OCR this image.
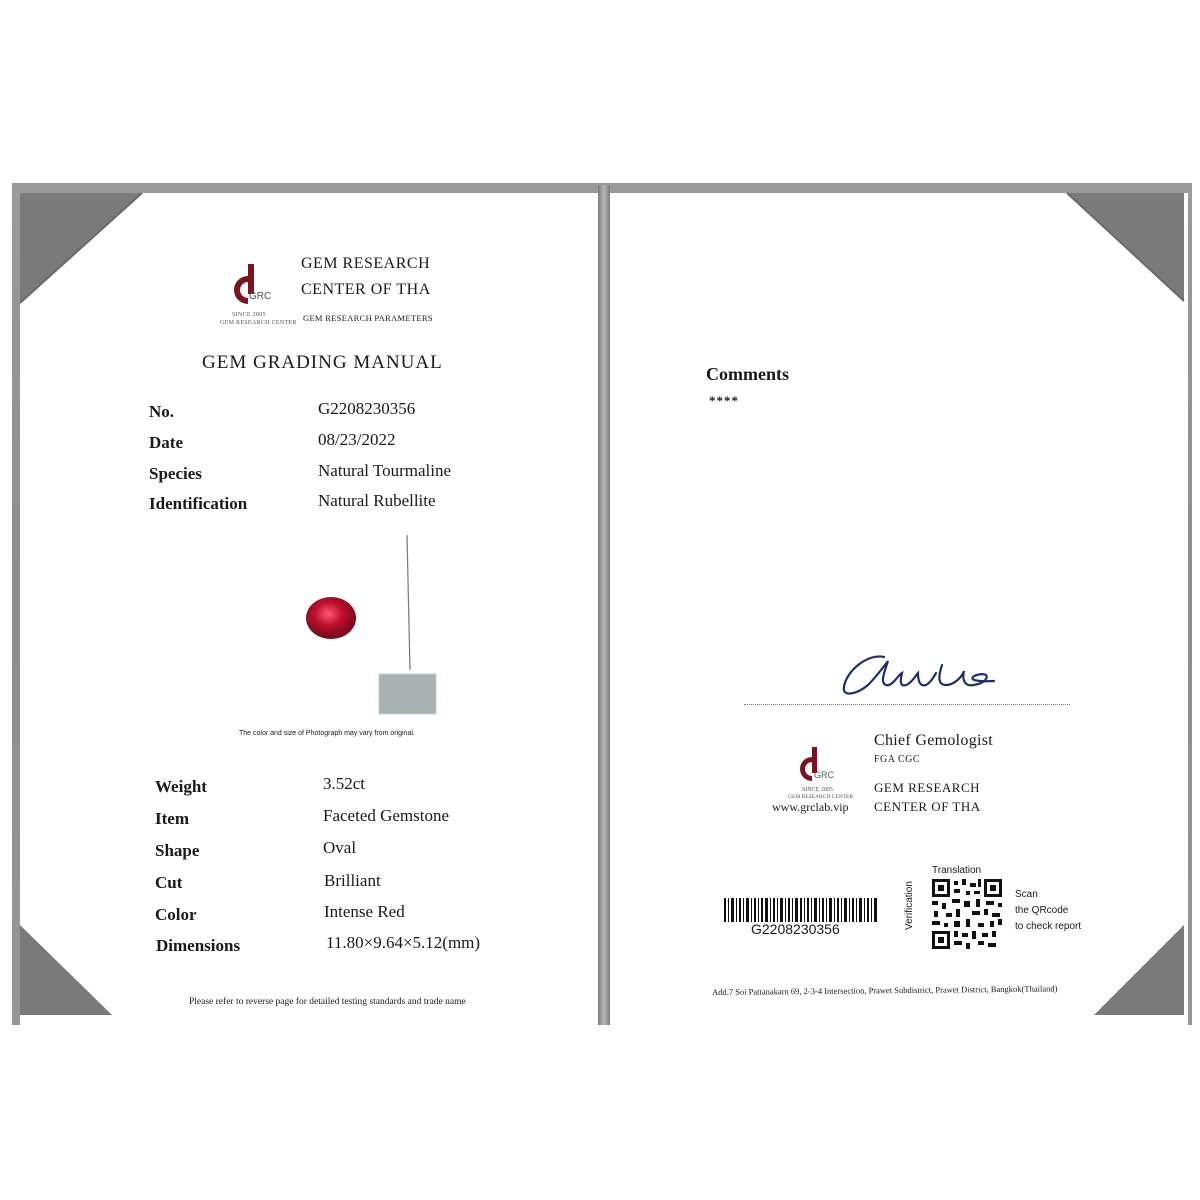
GRC
SINCE 2005
GEM RESEARCH CENTER
GEM RESEARCH
CENTER OF THA
GEM RESEARCH PARAMETERS
GEM GRADING MANUAL
No.	G2208230356
Date	08/23/2022
Species	Natural Tourmaline
Identification	Natural Rubellite
The color and size of Photograph may vary from original.
Weight	3.52ct
Item	Faceted Gemstone
Shape	Oval
Cut	Brilliant
Color	Intense Red
Dimensions	11.80×9.64×5.12(mm)
Please refer to reverse page for detailed testing standards and trade name
Comments
****
GRC
SINCE 2005
GEM RESEARCH CENTER
www.grclab.vip
Chief Gemologist
FGA CGC
GEM RESEARCH
CENTER OF THA
G2208230356
Translation
Verification	Scan
the QRcode
to check report
Add.7 Soi Pattanakarn 69, 2-3-4 Intersection, Prawet Subdistrict, Prawet District, Bangkok(Thailand)
